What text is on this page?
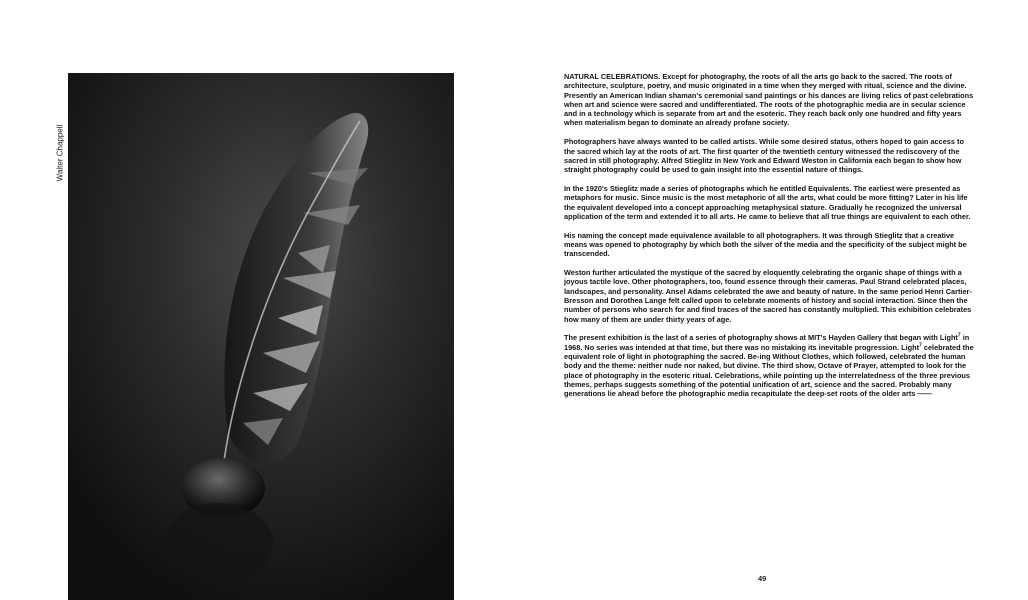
Walter Chappell

NATURAL CELEBRATIONS. Except for photography, the roots of all the arts go back to the sacred. The roots of architecture, sculpture, poetry, and music originated in a time when they merged with ritual, science and the divine. Presently an American Indian shaman's ceremonial sand paintings or his dances are living relics of past celebrations when art and science were sacred and undifferentiated. The roots of the photographic media are in secular science and in a technology which is separate from art and the esoteric. They reach back only one hundred and fifty years when materialism began to dominate an already profane society.

Photographers have always wanted to be called artists. While some desired status, others hoped to gain access to the sacred which lay at the roots of art. The first quarter of the twentieth century witnessed the rediscovery of the sacred in still photography. Alfred Stieglitz in New York and Edward Weston in California each began to show how straight photography could be used to gain insight into the essential nature of things.

In the 1920's Stieglitz made a series of photographs which he entitled Equivalents. The earliest were presented as metaphors for music. Since music is the most metaphoric of all the arts, what could be more fitting? Later in his life the equivalent developed into a concept approaching metaphysical stature. Gradually he recognized the universal application of the term and extended it to all arts. He came to believe that all true things are equivalent to each other.

His naming the concept made equivalence available to all photographers. It was through Stieglitz that a creative means was opened to photography by which both the silver of the media and the specificity of the subject might be transcended.

Weston further articulated the mystique of the sacred by eloquently celebrating the organic shape of things with a joyous tactile love. Other photographers, too, found essence through their cameras. Paul Strand celebrated places, landscapes, and personality. Ansel Adams celebrated the awe and beauty of nature. In the same period Henri Cartier-Bresson and Dorothea Lange felt called upon to celebrate moments of history and social interaction. Since then the number of persons who search for and find traces of the sacred has constantly multiplied. This exhibition celebrates how many of them are under thirty years of age.

The present exhibition is the last of a series of photography shows at MIT's Hayden Gallery that began with Light$^7$ in 1968. No series was intended at that time, but there was no mistaking its inevitable progression. Light$^7$ celebrated the equivalent role of light in photographing the sacred. Be-ing Without Clothes, which followed, celebrated the human body and the theme: neither nude nor naked, but divine. The third show, Octave of Prayer, attempted to look for the place of photography in the esoteric ritual. Celebrations, while pointing up the interrelatedness of the three previous themes, perhaps suggests something of the potential unification of art, science and the sacred. Probably many generations lie ahead before the photographic media recapitulate the deep-set roots of the older arts ——

49
